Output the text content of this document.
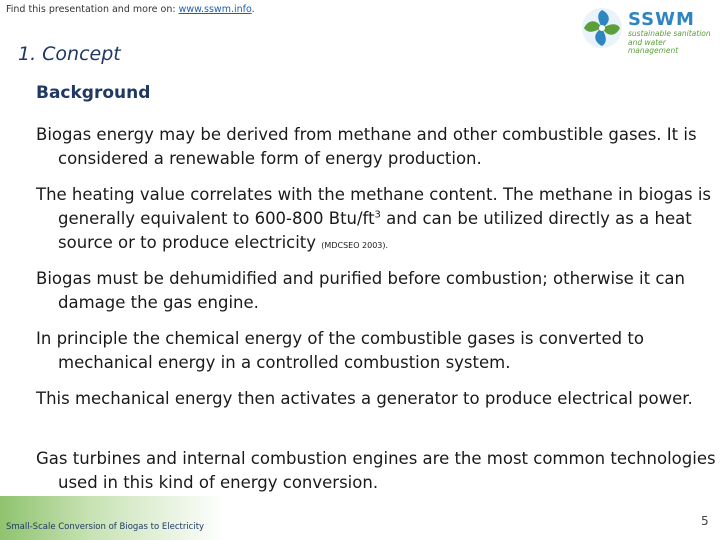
Find this presentation and more on: www.sswm.info.	SSWM
sustainable sanitation
and water management
1. Concept
Background
Biogas energy may be derived from methane and other combustible gases. It is considered a renewable form of energy production.
The heating value correlates with the methane content. The methane in biogas is generally equivalent to 600-800 Btu/$ft^3$ and can be utilized directly as a heat source or to produce electricity (MDCSEO 2003).
Biogas must be dehumidified and purified before combustion; otherwise it can damage the gas engine.
In principle the chemical energy of the combustible gases is converted to mechanical energy in a controlled combustion system.
This mechanical energy then activates a generator to produce electrical power.
Gas turbines and internal combustion engines are the most common technologies used in this kind of energy conversion.
Small-Scale Conversion of Biogas to Electricity	5
